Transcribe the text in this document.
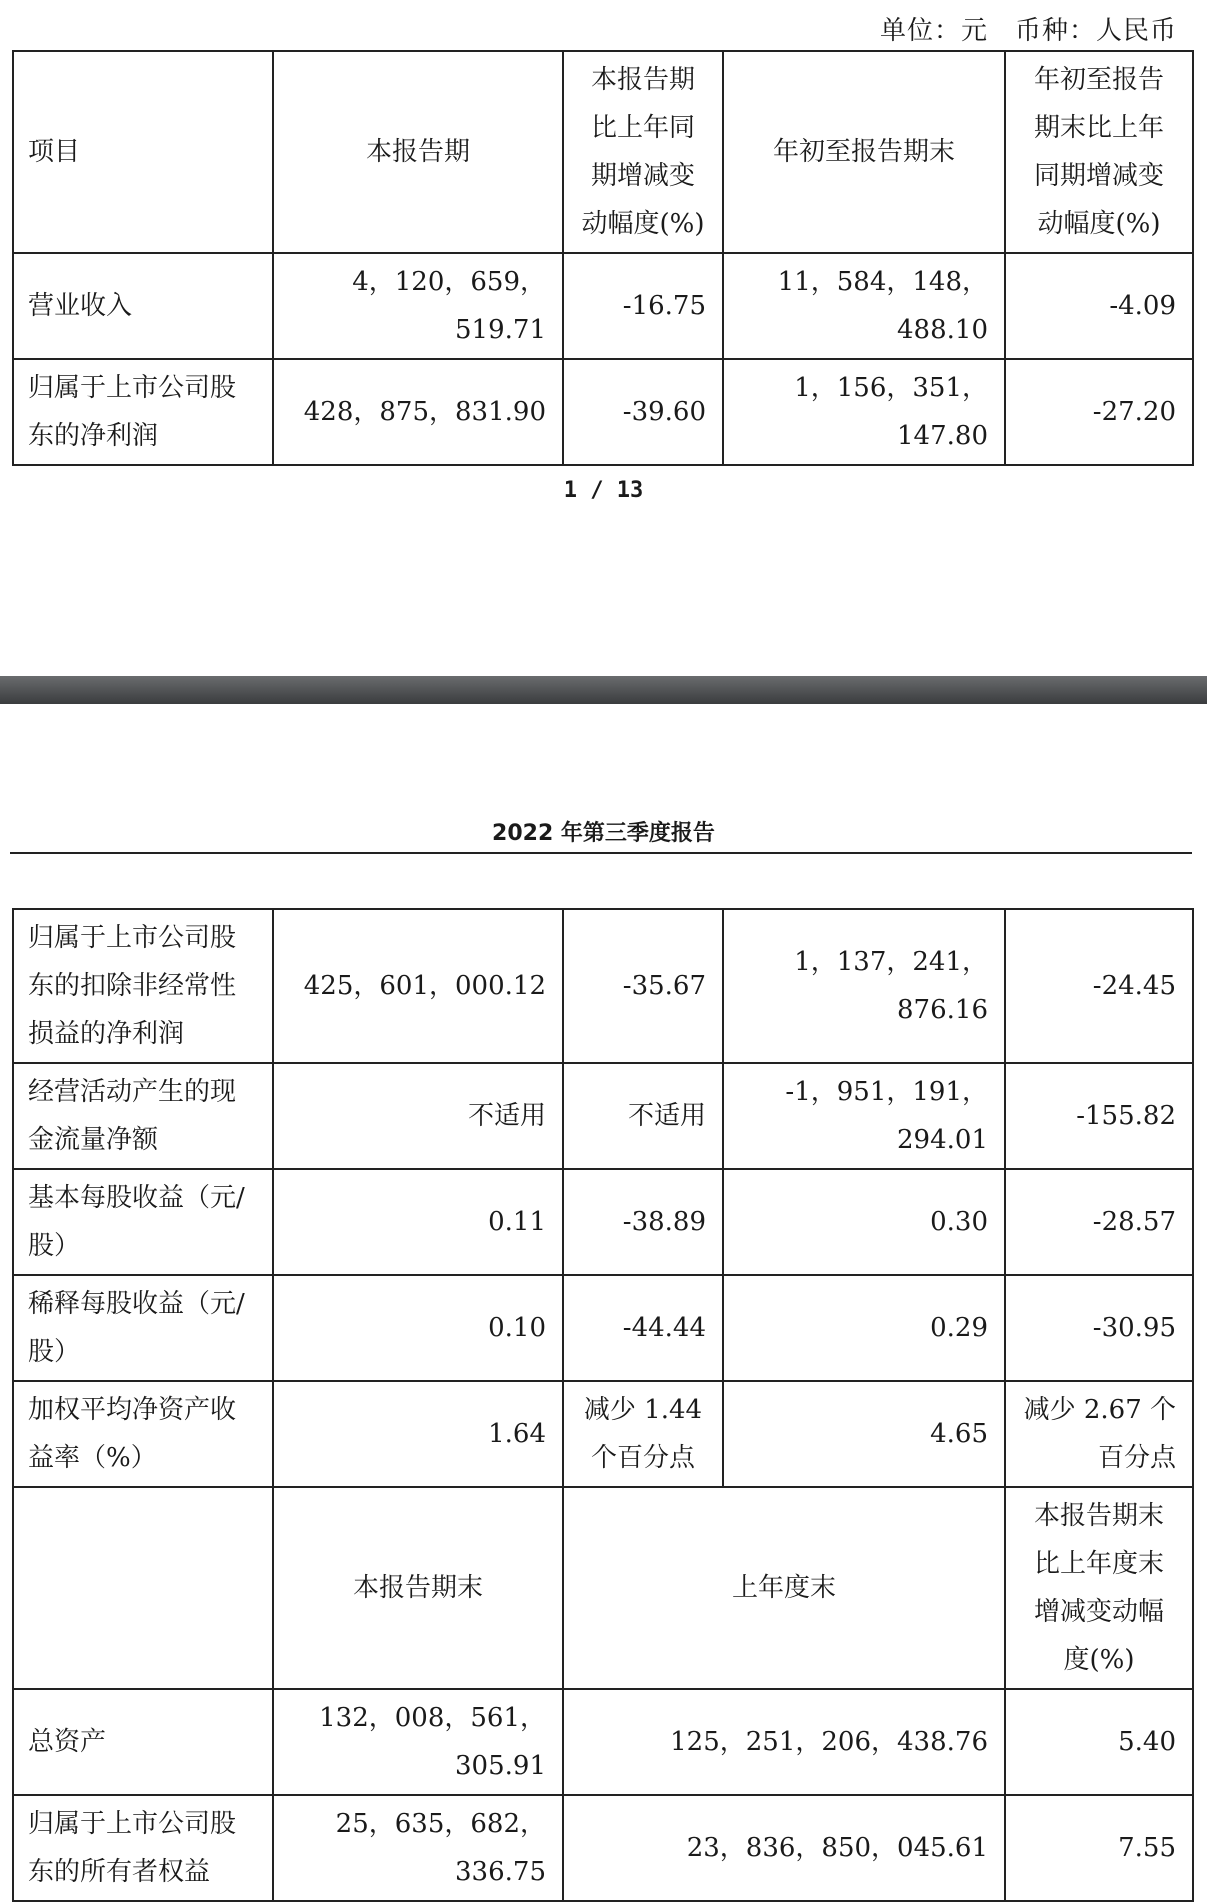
单位：元　币种：人民币
项目	本报告期	本报告期比上年同期增减变动幅度(%)	年初至报告期末	年初至报告期末比上年同期增减变动幅度(%)
营业收入	4，120，659，519.71	-16.75	11，584，148，488.10	-4.09
归属于上市公司股东的净利润	428，875，831.90	-39.60	1，156，351，147.80	-27.20
1 / 13
2022 年第三季度报告
归属于上市公司股东的扣除非经常性损益的净利润	425，601，000.12	-35.67	1，137，241，876.16	-24.45
经营活动产生的现金流量净额	不适用	不适用	-1，951，191，294.01	-155.82
基本每股收益（元/股）	0.11	-38.89	0.30	-28.57
稀释每股收益（元/股）	0.10	-44.44	0.29	-30.95
加权平均净资产收益率（%）	1.64	减少 1.44 个百分点	4.65	减少 2.67 个百分点
	本报告期末	上年度末		本报告期末比上年度末增减变动幅度(%)
总资产	132，008，561，305.91	125，251，206，438.76		5.40
归属于上市公司股东的所有者权益	25，635，682，336.75	23，836，850，045.61		7.55
